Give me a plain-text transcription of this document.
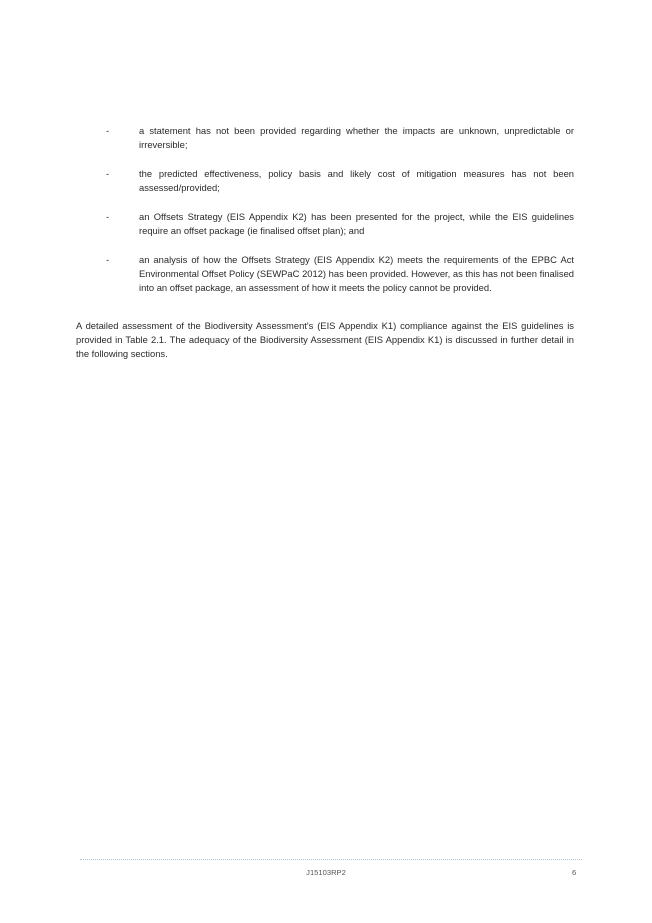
-	a statement has not been provided regarding whether the impacts are unknown, unpredictable or irreversible;
-	the predicted effectiveness, policy basis and likely cost of mitigation measures has not been assessed/provided;
-	an Offsets Strategy (EIS Appendix K2) has been presented for the project, while the EIS guidelines require an offset package (ie finalised offset plan); and
-	an analysis of how the Offsets Strategy (EIS Appendix K2) meets the requirements of the EPBC Act Environmental Offset Policy (SEWPaC 2012) has been provided. However, as this has not been finalised into an offset package, an assessment of how it meets the policy cannot be provided.

A detailed assessment of the Biodiversity Assessment's (EIS Appendix K1) compliance against the EIS guidelines is provided in Table 2.1. The adequacy of the Biodiversity Assessment (EIS Appendix K1) is discussed in further detail in the following sections.

J15103RP2	6
